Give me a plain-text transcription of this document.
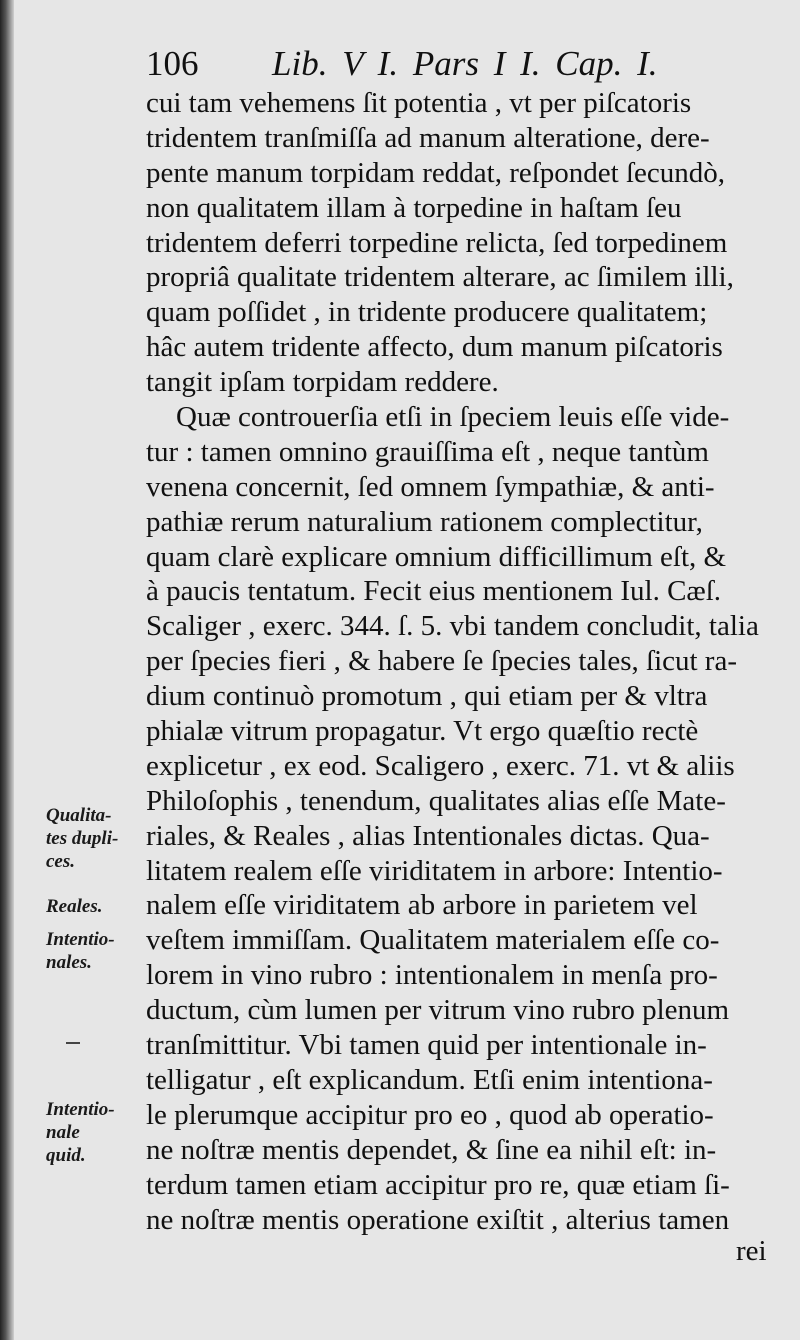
106 Lib. V I. Pars I I. Cap. I.
cui tam vehemens ſit potentia , vt per piſcatoris
tridentem tranſmiſſa ad manum alteratione, dere-
pente manum torpidam reddat, reſpondet ſecundò,
non qualitatem illam à torpedine in haſtam ſeu
tridentem deferri torpedine relicta, ſed torpedinem
propriâ qualitate tridentem alterare, ac ſimilem illi,
quam poſſidet , in tridente producere qualitatem;
hâc autem tridente affecto, dum manum piſcatoris
tangit ipſam torpidam reddere.
Quæ controuerſia etſi in ſpeciem leuis eſſe vide-
tur : tamen omnino grauiſſima eſt , neque tantùm
venena concernit, ſed omnem ſympathiæ, & anti-
pathiæ rerum naturalium rationem complectitur,
quam clarè explicare omnium difficillimum eſt, &
à paucis tentatum. Fecit eius mentionem Iul. Cæſ.
Scaliger , exerc. 344. ſ. 5. vbi tandem concludit, talia
per ſpecies fieri , & habere ſe ſpecies tales, ſicut ra-
dium continuò promotum , qui etiam per & vltra
phialæ vitrum propagatur. Vt ergo quæſtio rectè
explicetur , ex eod. Scaligero , exerc. 71. vt & aliis
Philoſophis , tenendum, qualitates alias eſſe Mate-
riales, & Reales , alias Intentionales dictas. Qua-
litatem realem eſſe viriditatem in arbore: Intentio-
nalem eſſe viriditatem ab arbore in parietem vel
veſtem immiſſam. Qualitatem materialem eſſe co-
lorem in vino rubro : intentionalem in menſa pro-
ductum, cùm lumen per vitrum vino rubro plenum
tranſmittitur. Vbi tamen quid per intentionale in-
telligatur , eſt explicandum. Etſi enim intentiona-
le plerumque accipitur pro eo , quod ab operatio-
ne noſtræ mentis dependet, & ſine ea nihil eſt: in-
terdum tamen etiam accipitur pro re, quæ etiam ſi-
ne noſtræ mentis operatione exiſtit , alterius tamen
rei
Qualita-
tes dupli-
ces.
Reales.
Intentio-
nales.
Intentio-
nale
quid.
